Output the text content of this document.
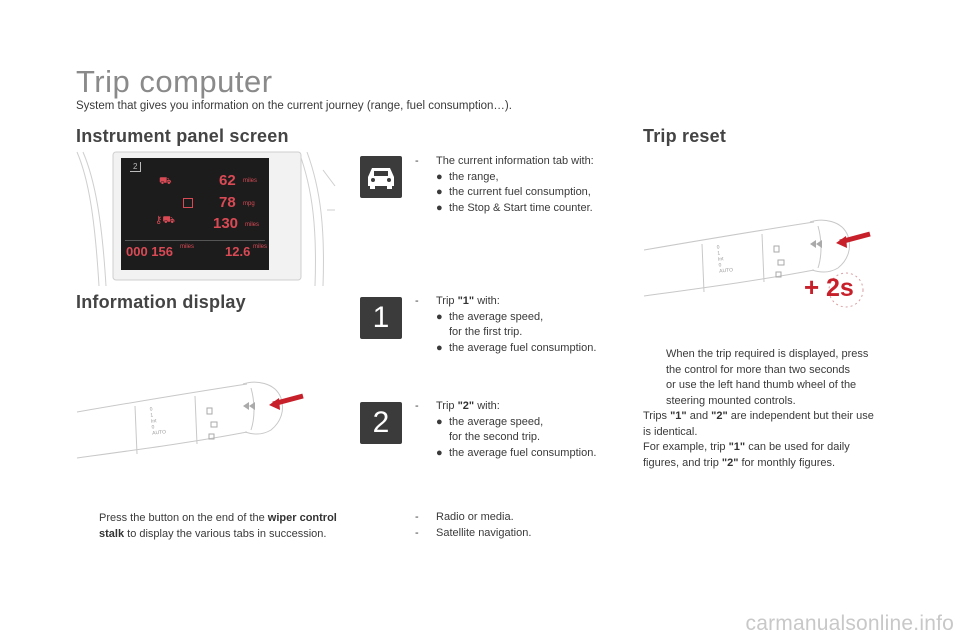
Trip computer
System that gives you information on the current journey (range, fuel consumption…).
Instrument panel screen
Information display
Trip reset
2
⛟	62 miles
78 mpg
⚷⛟	130 miles
000 156 miles 12.6 miles
0
1
Int
0
AUTO
0
1
Int
0
AUTO
+ 2s
1
2
- The current information tab with:
● the range,
● the current fuel consumption,
● the Stop & Start time counter.
- Trip "1" with:
● the average speed,
for the first trip.
● the average fuel consumption.
- Trip "2" with:
● the average speed,
for the second trip.
● the average fuel consumption.
- Radio or media.
- Satellite navigation.
Press the button on the end of the wiper control stalk to display the various tabs in succession.
When the trip required is displayed, press
the control for more than two seconds
or use the left hand thumb wheel of the
steering mounted controls.
Trips "1" and "2" are independent but their use
is identical.
For example, trip "1" can be used for daily
figures, and trip "2" for monthly figures.
carmanualsonline.info
